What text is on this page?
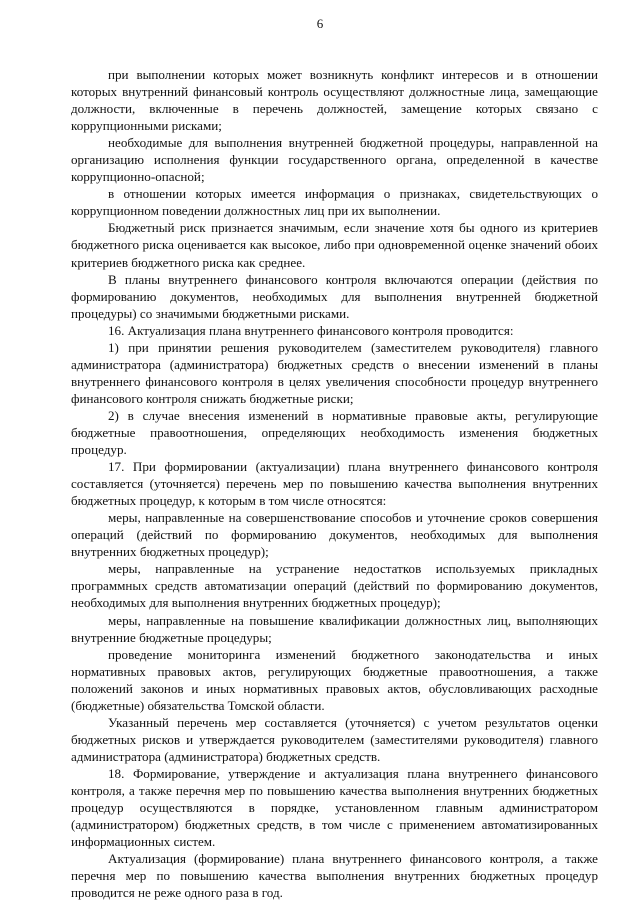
6

при выполнении которых может возникнуть конфликт интересов и в отношении которых внутренний финансовый контроль осуществляют должностные лица, замещающие должности, включенные в перечень должностей, замещение которых связано с коррупционными рисками;

необходимые для выполнения внутренней бюджетной процедуры, направленной на организацию исполнения функции государственного органа, определенной в качестве коррупционно-опасной;

в отношении которых имеется информация о признаках, свидетельствующих о коррупционном поведении должностных лиц при их выполнении.

Бюджетный риск признается значимым, если значение хотя бы одного из критериев бюджетного риска оценивается как высокое, либо при одновременной оценке значений обоих критериев бюджетного риска как среднее.

В планы внутреннего финансового контроля включаются операции (действия по формированию документов, необходимых для выполнения внутренней бюджетной процедуры) со значимыми бюджетными рисками.

16. Актуализация плана внутреннего финансового контроля проводится:

1) при принятии решения руководителем (заместителем руководителя) главного администратора (администратора) бюджетных средств о внесении изменений в планы внутреннего финансового контроля в целях увеличения способности процедур внутреннего финансового контроля снижать бюджетные риски;

2) в случае внесения изменений в нормативные правовые акты, регулирующие бюджетные правоотношения, определяющих необходимость изменения бюджетных процедур.

17. При формировании (актуализации) плана внутреннего финансового контроля составляется (уточняется) перечень мер по повышению качества выполнения внутренних бюджетных процедур, к которым в том числе относятся:

меры, направленные на совершенствование способов и уточнение сроков совершения операций (действий по формированию документов, необходимых для выполнения внутренних бюджетных процедур);

меры, направленные на устранение недостатков используемых прикладных программных средств автоматизации операций (действий по формированию документов, необходимых для выполнения внутренних бюджетных процедур);

меры, направленные на повышение квалификации должностных лиц, выполняющих внутренние бюджетные процедуры;

проведение мониторинга изменений бюджетного законодательства и иных нормативных правовых актов, регулирующих бюджетные правоотношения, а также положений законов и иных нормативных правовых актов, обусловливающих расходные (бюджетные) обязательства Томской области.

Указанный перечень мер составляется (уточняется) с учетом результатов оценки бюджетных рисков и утверждается руководителем (заместителями руководителя) главного администратора (администратора) бюджетных средств.

18. Формирование, утверждение и актуализация плана внутреннего финансового контроля, а также перечня мер по повышению качества выполнения внутренних бюджетных процедур осуществляются в порядке, установленном главным администратором (администратором) бюджетных средств, в том числе с применением автоматизированных информационных систем.

Актуализация (формирование) плана внутреннего финансового контроля, а также перечня мер по повышению качества выполнения внутренних бюджетных процедур проводится не реже одного раза в год.
